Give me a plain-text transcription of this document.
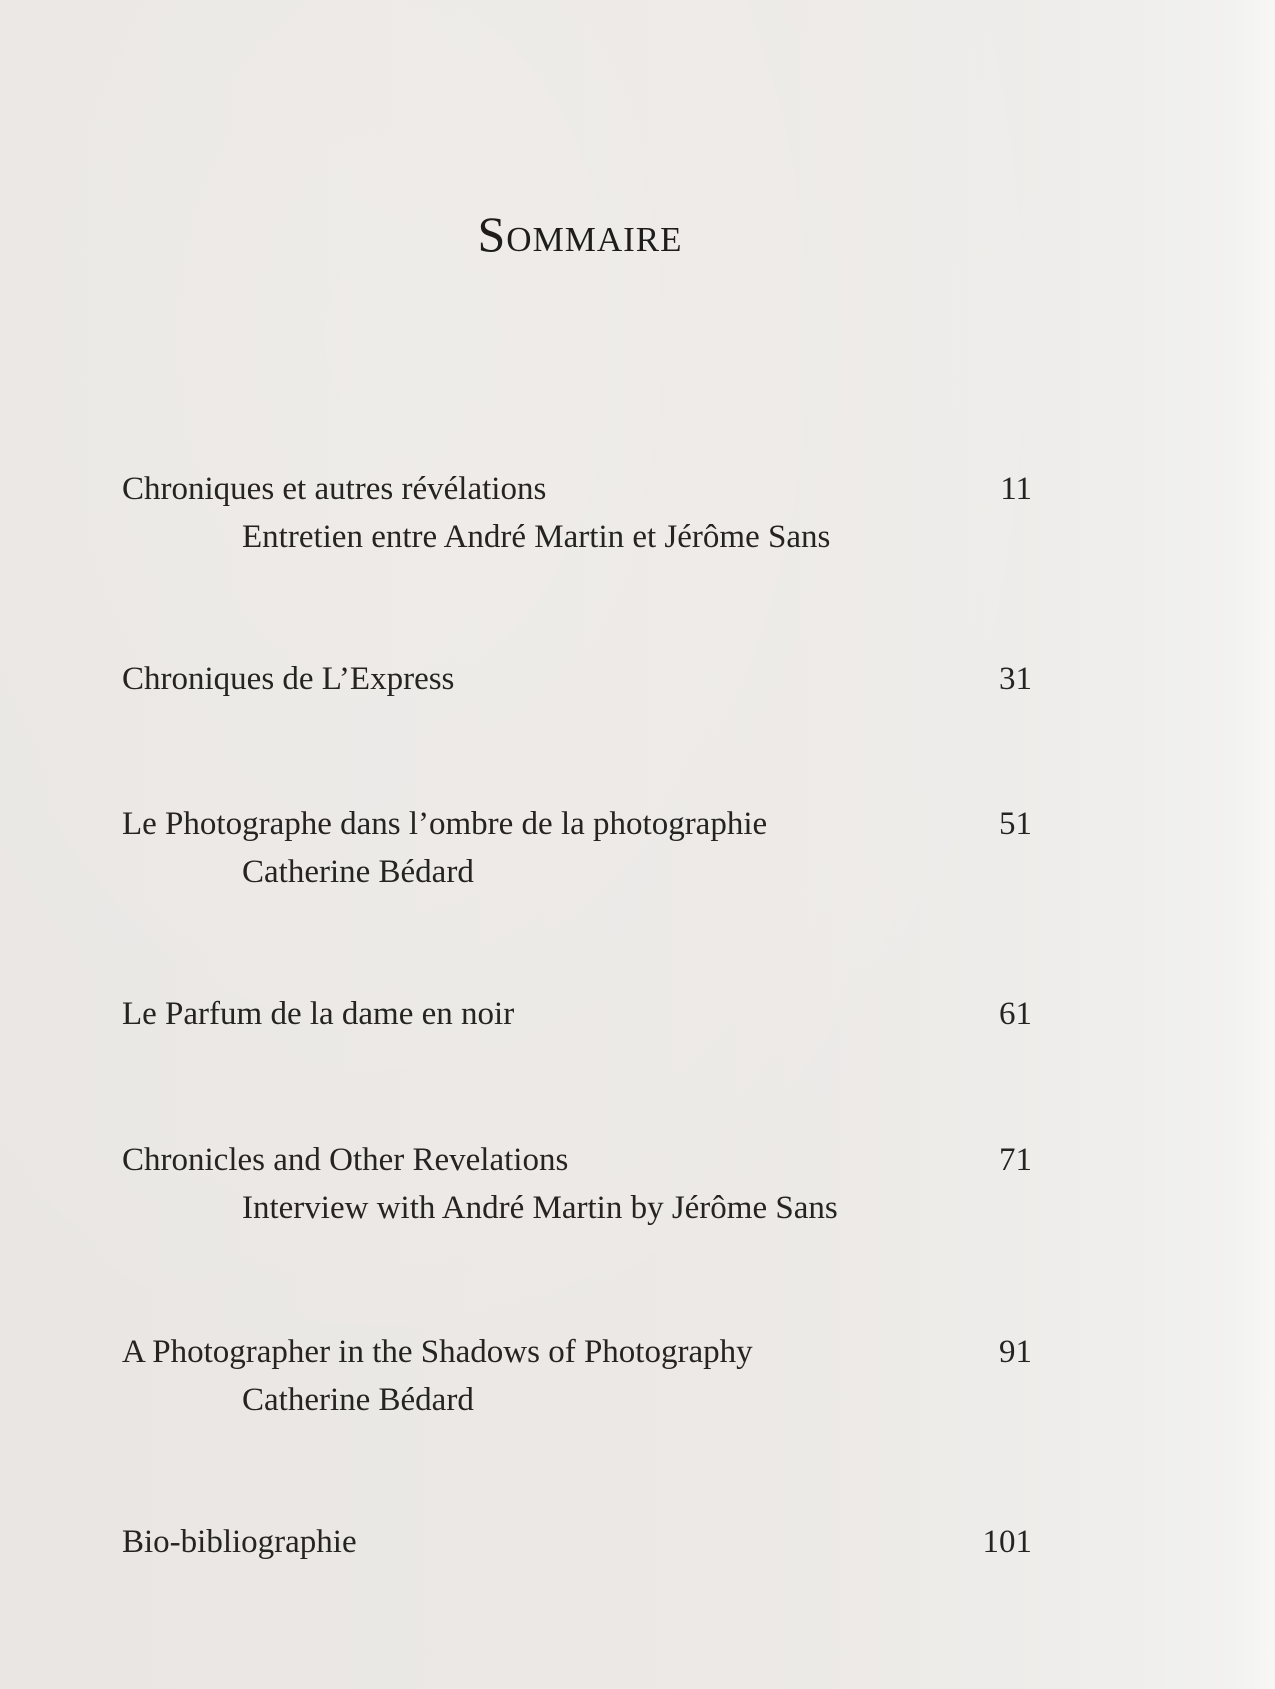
Sommaire
Chroniques et autres révélations	11
Entretien entre André Martin et Jérôme Sans
Chroniques de L’Express	31
Le Photographe dans l’ombre de la photographie	51
Catherine Bédard
Le Parfum de la dame en noir	61
Chronicles and Other Revelations	71
Interview with André Martin by Jérôme Sans
A Photographer in the Shadows of Photography	91
Catherine Bédard
Bio-bibliographie	101
